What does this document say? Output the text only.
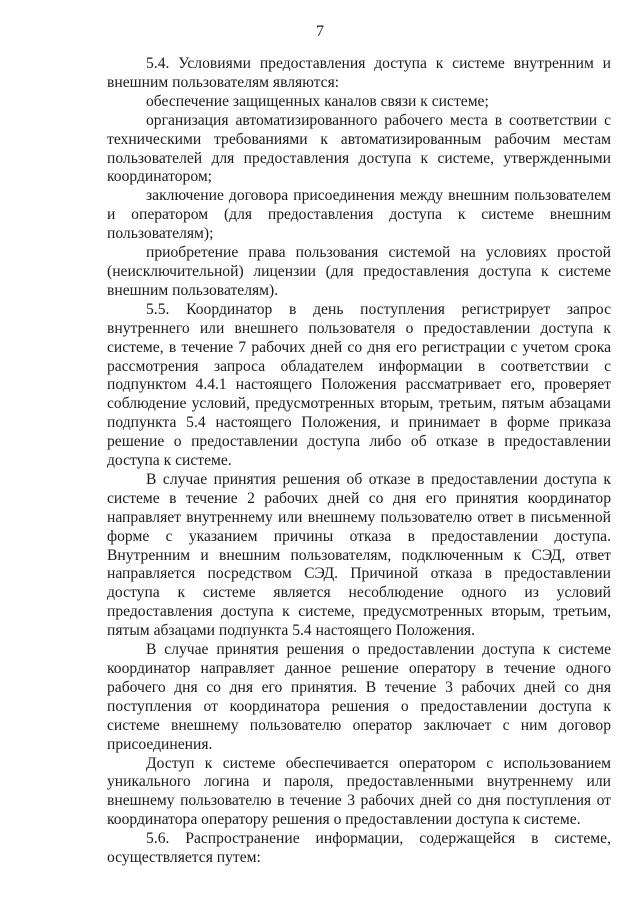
7

5.4. Условиями предоставления доступа к системе внутренним и внешним пользователям являются:

обеспечение защищенных каналов связи к системе;

организация автоматизированного рабочего места в соответствии с техническими требованиями к автоматизированным рабочим местам пользователей для предоставления доступа к системе, утвержденными координатором;

заключение договора присоединения между внешним пользователем и оператором (для предоставления доступа к системе внешним пользователям);

приобретение права пользования системой на условиях простой (неисключительной) лицензии (для предоставления доступа к системе внешним пользователям).

5.5. Координатор в день поступления регистрирует запрос внутреннего или внешнего пользователя о предоставлении доступа к системе, в течение 7 рабочих дней со дня его регистрации с учетом срока рассмотрения запроса обладателем информации в соответствии с подпунктом 4.4.1 настоящего Положения рассматривает его, проверяет соблюдение условий, предусмотренных вторым, третьим, пятым абзацами подпункта 5.4 настоящего Положения, и принимает в форме приказа решение о предоставлении доступа либо об отказе в предоставлении доступа к системе.

В случае принятия решения об отказе в предоставлении доступа к системе в течение 2 рабочих дней со дня его принятия координатор направляет внутреннему или внешнему пользователю ответ в письменной форме с указанием причины отказа в предоставлении доступа. Внутренним и внешним пользователям, подключенным к СЭД, ответ направляется посредством СЭД. Причиной отказа в предоставлении доступа к системе является несоблюдение одного из условий предоставления доступа к системе, предусмотренных вторым, третьим, пятым абзацами подпункта 5.4 настоящего Положения.

В случае принятия решения о предоставлении доступа к системе координатор направляет данное решение оператору в течение одного рабочего дня со дня его принятия. В течение 3 рабочих дней со дня поступления от координатора решения о предоставлении доступа к системе внешнему пользователю оператор заключает с ним договор присоединения.

Доступ к системе обеспечивается оператором с использованием уникального логина и пароля, предоставленными внутреннему или внешнему пользователю в течение 3 рабочих дней со дня поступления от координатора оператору решения о предоставлении доступа к системе.

5.6. Распространение информации, содержащейся в системе, осуществляется путем:
